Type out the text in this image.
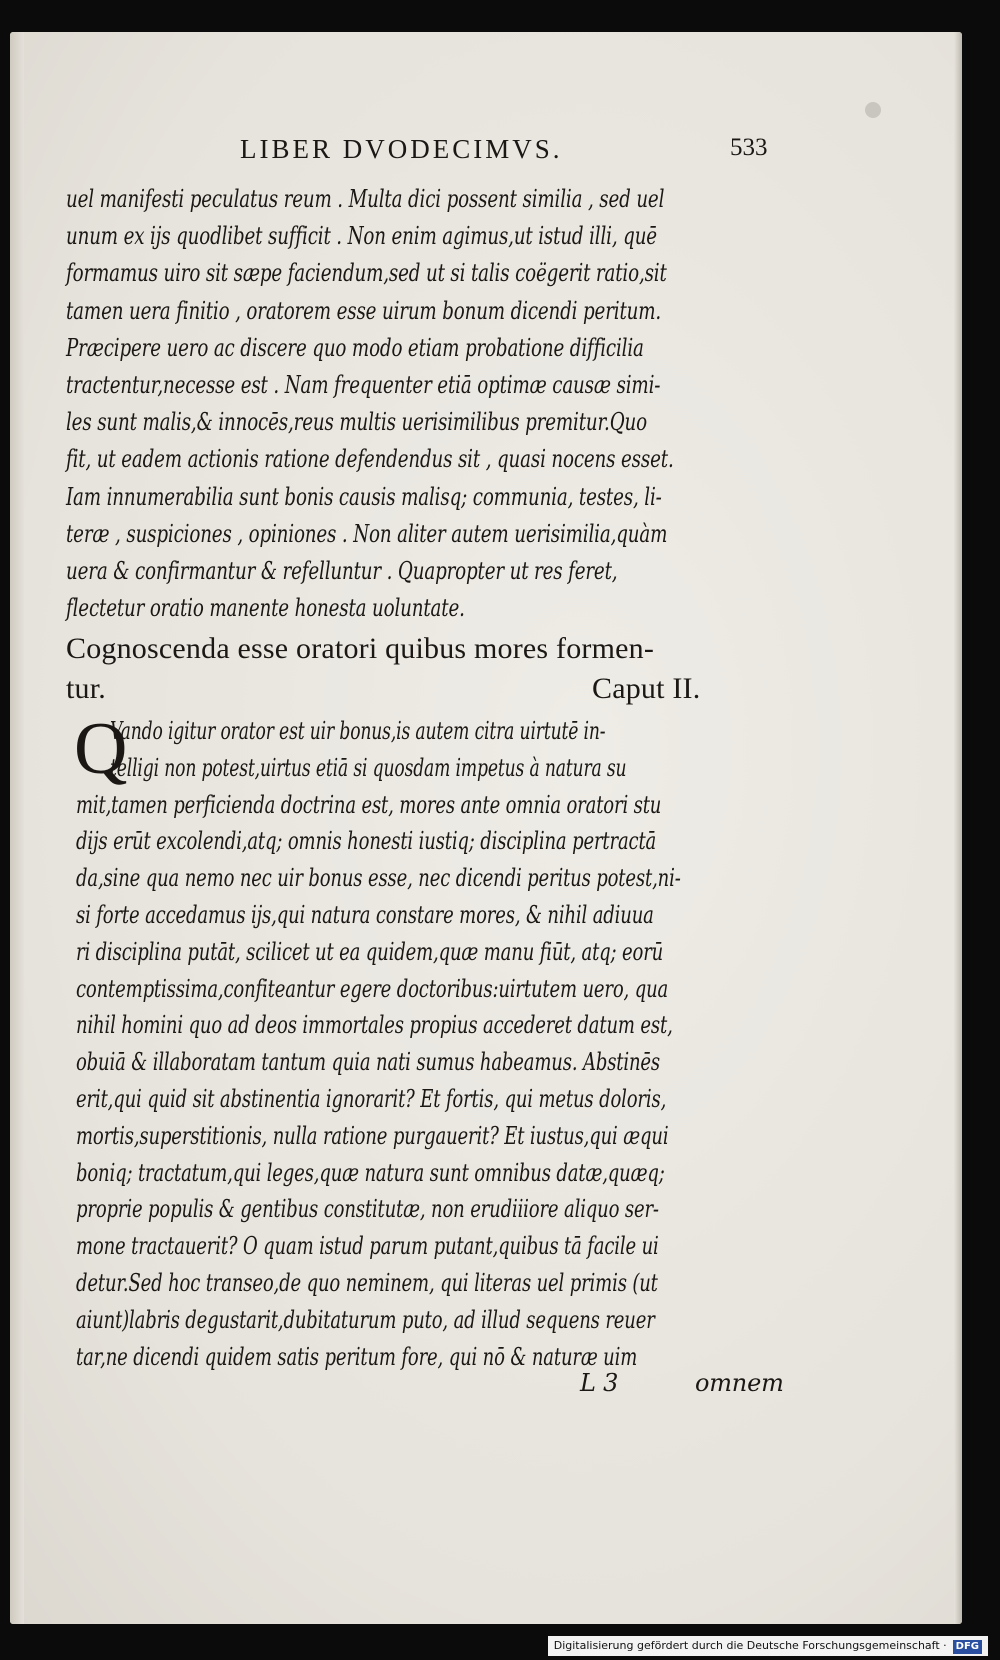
LIBER DVODECIMVS.	533
Cognoscenda esse oratori quibus mores formen-
tur.	Caput II.
Q
L 3	omnem
uel manifesti peculatus reum . Multa dici possent similia , sed uel
unum ex ijs quodlibet sufficit . Non enim agimus,ut istud illi, quē
formamus uiro sit sæpe faciendum,sed ut si talis coëgerit ratio,sit
tamen uera finitio , oratorem esse uirum bonum dicendi peritum.
Præcipere uero ac discere quo modo etiam probatione difficilia
tractentur,necesse est . Nam frequenter etiā optimæ causæ simi-
les sunt malis,& innocēs,reus multis uerisimilibus premitur.Quo
fit, ut eadem actionis ratione defendendus sit , quasi nocens esset.
Iam innumerabilia sunt bonis causis malisq; communia, testes, li-
teræ , suspiciones , opiniones . Non aliter autem uerisimilia,quàm
uera & confirmantur & refelluntur . Quapropter ut res feret,
flectetur oratio manente honesta uoluntate.
Vando igitur orator est uir bonus,is autem citra uirtutē in-
telligi non potest,uirtus etiā si quosdam impetus à natura su
mit,tamen perficienda doctrina est, mores ante omnia oratori stu
dijs erūt excolendi,atq; omnis honesti iustiq; disciplina pertractā
da,sine qua nemo nec uir bonus esse, nec dicendi peritus potest,ni-
si forte accedamus ijs,qui natura constare mores, & nihil adiuua
ri disciplina putāt, scilicet ut ea quidem,quæ manu fiūt, atq; eorū
contemptissima,confiteantur egere doctoribus:uirtutem uero, qua
nihil homini quo ad deos immortales propius accederet datum est,
obuiā & illaboratam tantum quia nati sumus habeamus. Abstinēs
erit,qui quid sit abstinentia ignorarit? Et fortis, qui metus doloris,
mortis,superstitionis, nulla ratione purgauerit? Et iustus,qui æqui
boniq; tractatum,qui leges,quæ natura sunt omnibus datæ,quæq;
proprie populis & gentibus constitutæ, non erudiiiore aliquo ser-
mone tractauerit? O quam istud parum putant,quibus tā facile ui
detur.Sed hoc transeo,de quo neminem, qui literas uel primis (ut
aiunt)labris degustarit,dubitaturum puto, ad illud sequens reuer
tar,ne dicendi quidem satis peritum fore, qui nō & naturæ uim
Digitalisierung gefördert durch die Deutsche Forschungsgemeinschaft · DFG
